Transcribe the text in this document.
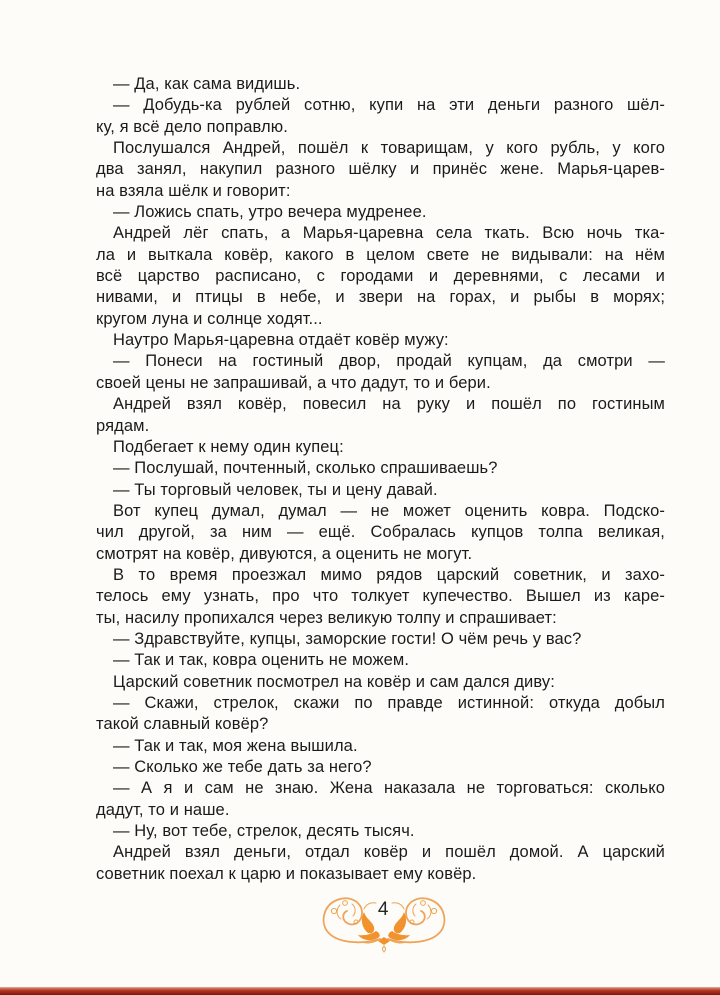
— Да, как сама видишь.
— Добудь-ка рублей сотню, купи на эти деньги разного шёл-
ку, я всё дело поправлю.
Послушался Андрей, пошёл к товарищам, у кого рубль, у кого
два занял, накупил разного шёлку и принёс жене. Марья-царев-
на взяла шёлк и говорит:
— Ложись спать, утро вечера мудренее.
Андрей лёг спать, а Марья-царевна села ткать. Всю ночь тка-
ла и выткала ковёр, какого в целом свете не видывали: на нём
всё царство расписано, с городами и деревнями, с лесами и
нивами, и птицы в небе, и звери на горах, и рыбы в морях;
кругом луна и солнце ходят...
Наутро Марья-царевна отдаёт ковёр мужу:
— Понеси на гостиный двор, продай купцам, да смотри —
своей цены не запрашивай, а что дадут, то и бери.
Андрей взял ковёр, повесил на руку и пошёл по гостиным
рядам.
Подбегает к нему один купец:
— Послушай, почтенный, сколько спрашиваешь?
— Ты торговый человек, ты и цену давай.
Вот купец думал, думал — не может оценить ковра. Подско-
чил другой, за ним — ещё. Собралась купцов толпа великая,
смотрят на ковёр, дивуются, а оценить не могут.
В то время проезжал мимо рядов царский советник, и захо-
телось ему узнать, про что толкует купечество. Вышел из каре-
ты, насилу пропихался через великую толпу и спрашивает:
— Здравствуйте, купцы, заморские гости! О чём речь у вас?
— Так и так, ковра оценить не можем.
Царский советник посмотрел на ковёр и сам дался диву:
— Скажи, стрелок, скажи по правде истинной: откуда добыл
такой славный ковёр?
— Так и так, моя жена вышила.
— Сколько же тебе дать за него?
— А я и сам не знаю. Жена наказала не торговаться: сколько
дадут, то и наше.
— Ну, вот тебе, стрелок, десять тысяч.
Андрей взял деньги, отдал ковёр и пошёл домой. А царский
советник поехал к царю и показывает ему ковёр.
4
